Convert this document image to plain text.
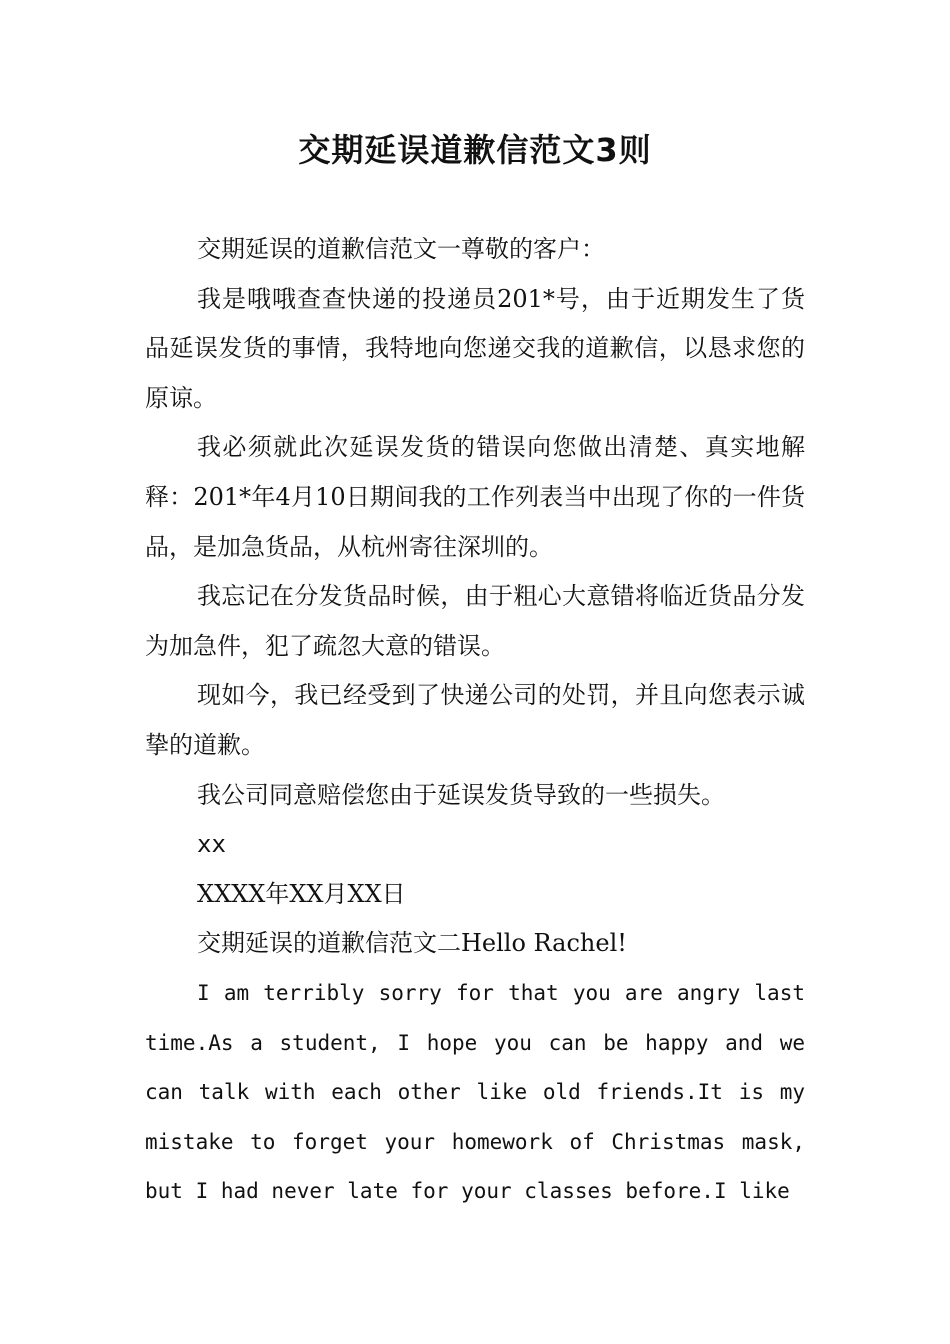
交期延误道歉信范文3则

交期延误的道歉信范文一尊敬的客户：

我是哦哦查查快递的投递员201*号，由于近期发生了货品延误发货的事情，我特地向您递交我的道歉信，以恳求您的原谅。

我必须就此次延误发货的错误向您做出清楚、真实地解释：201*年4月10日期间我的工作列表当中出现了你的一件货品，是加急货品，从杭州寄往深圳的。

我忘记在分发货品时候，由于粗心大意错将临近货品分发为加急件，犯了疏忽大意的错误。

现如今，我已经受到了快递公司的处罚，并且向您表示诚挚的道歉。

我公司同意赔偿您由于延误发货导致的一些损失。

xx

XXXX年XX月XX日

交期延误的道歉信范文二Hello Rachel!

I am terribly sorry for that you are angry last time.As a student, I hope you can be happy and we can talk with each other like old friends.It is my mistake to forget your homework of Christmas mask, but I had never late for your classes before.I like
